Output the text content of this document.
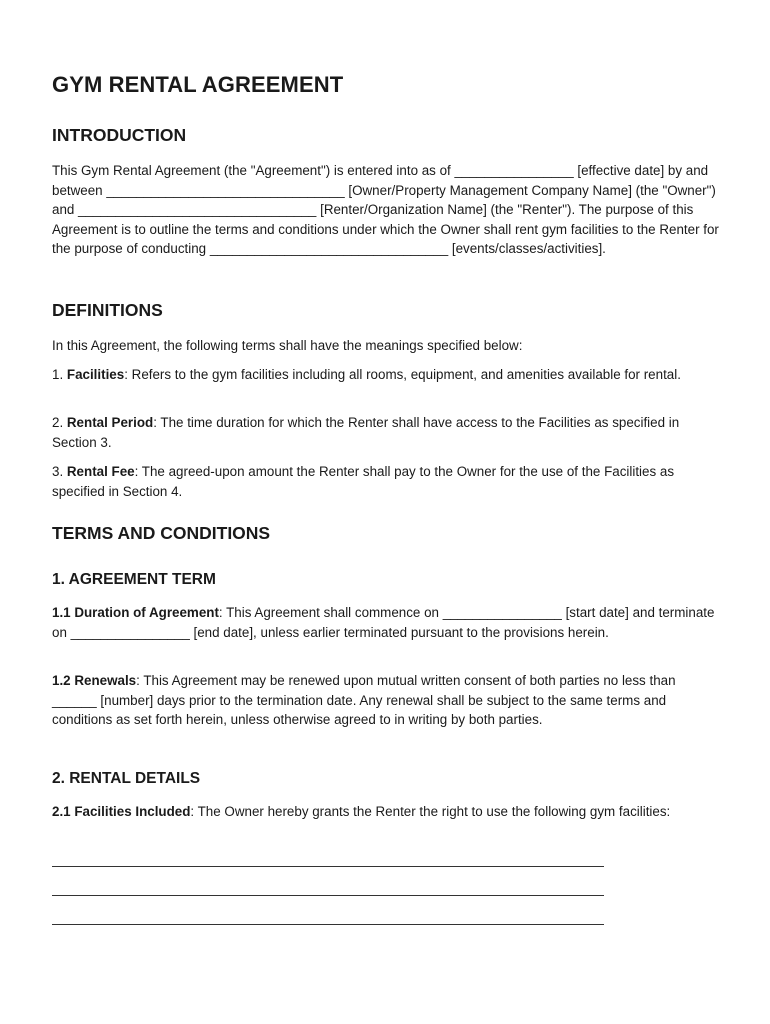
GYM RENTAL AGREEMENT
INTRODUCTION

This Gym Rental Agreement (the "Agreement") is entered into as of ________________ [effective date] by and between ________________________________ [Owner/Property Management Company Name] (the "Owner") and ________________________________ [Renter/Organization Name] (the "Renter"). The purpose of this Agreement is to outline the terms and conditions under which the Owner shall rent gym facilities to the Renter for the purpose of conducting ________________________________ [events/classes/activities].

DEFINITIONS

In this Agreement, the following terms shall have the meanings specified below:

1. Facilities: Refers to the gym facilities including all rooms, equipment, and amenities available for rental.

2. Rental Period: The time duration for which the Renter shall have access to the Facilities as specified in Section 3.

3. Rental Fee: The agreed-upon amount the Renter shall pay to the Owner for the use of the Facilities as specified in Section 4.

TERMS AND CONDITIONS
1. AGREEMENT TERM

1.1 Duration of Agreement: This Agreement shall commence on ________________ [start date] and terminate on ________________ [end date], unless earlier terminated pursuant to the provisions herein.

1.2 Renewals: This Agreement may be renewed upon mutual written consent of both parties no less than ______ [number] days prior to the termination date. Any renewal shall be subject to the same terms and conditions as set forth herein, unless otherwise agreed to in writing by both parties.

2. RENTAL DETAILS

2.1 Facilities Included: The Owner hereby grants the Renter the right to use the following gym facilities:
